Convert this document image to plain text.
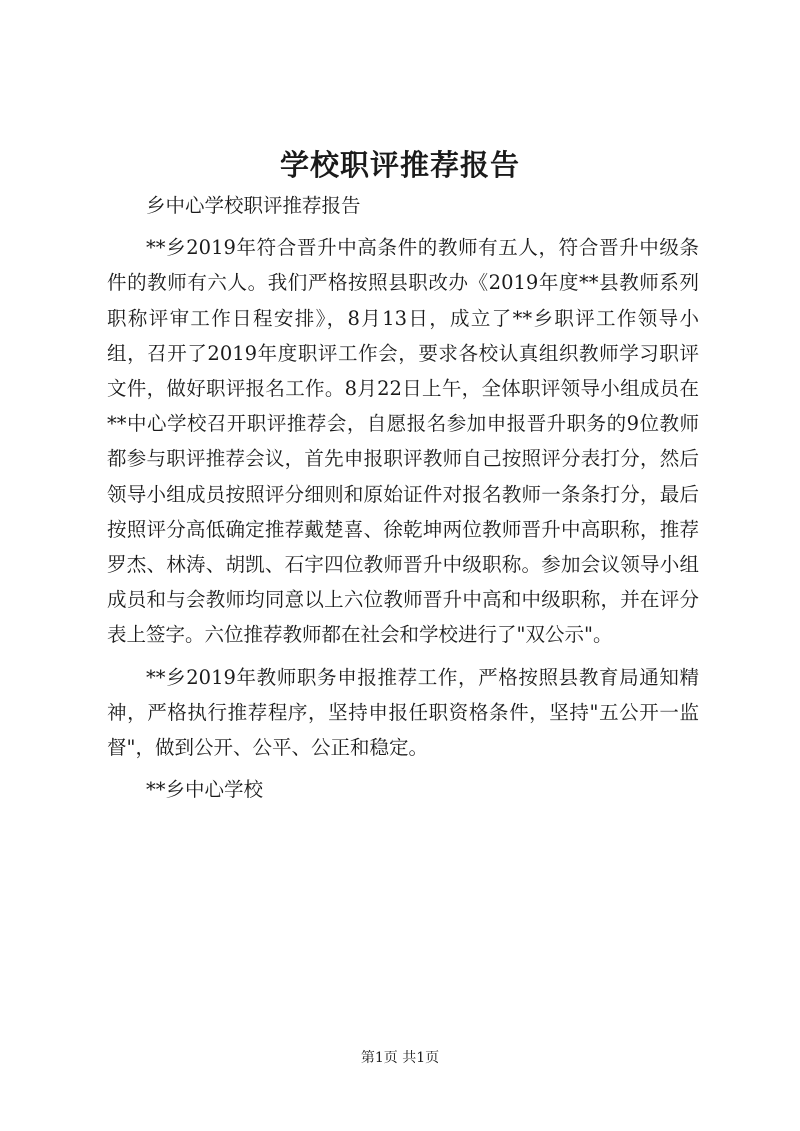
学校职评推荐报告

乡中心学校职评推荐报告

**乡2019年符合晋升中高条件的教师有五人，符合晋升中级条件的教师有六人。我们严格按照县职改办《2019年度**县教师系列职称评审工作日程安排》，8月13日，成立了**乡职评工作领导小组，召开了2019年度职评工作会，要求各校认真组织教师学习职评文件，做好职评报名工作。8月22日上午，全体职评领导小组成员在**中心学校召开职评推荐会，自愿报名参加申报晋升职务的9位教师都参与职评推荐会议，首先申报职评教师自己按照评分表打分，然后领导小组成员按照评分细则和原始证件对报名教师一条条打分，最后按照评分高低确定推荐戴楚喜、徐乾坤两位教师晋升中高职称，推荐罗杰、林涛、胡凯、石宇四位教师晋升中级职称。参加会议领导小组成员和与会教师均同意以上六位教师晋升中高和中级职称，并在评分表上签字。六位推荐教师都在社会和学校进行了"双公示"。

**乡2019年教师职务申报推荐工作，严格按照县教育局通知精神，严格执行推荐程序，坚持申报任职资格条件，坚持"五公开一监督"，做到公开、公平、公正和稳定。

**乡中心学校

第1页 共1页
